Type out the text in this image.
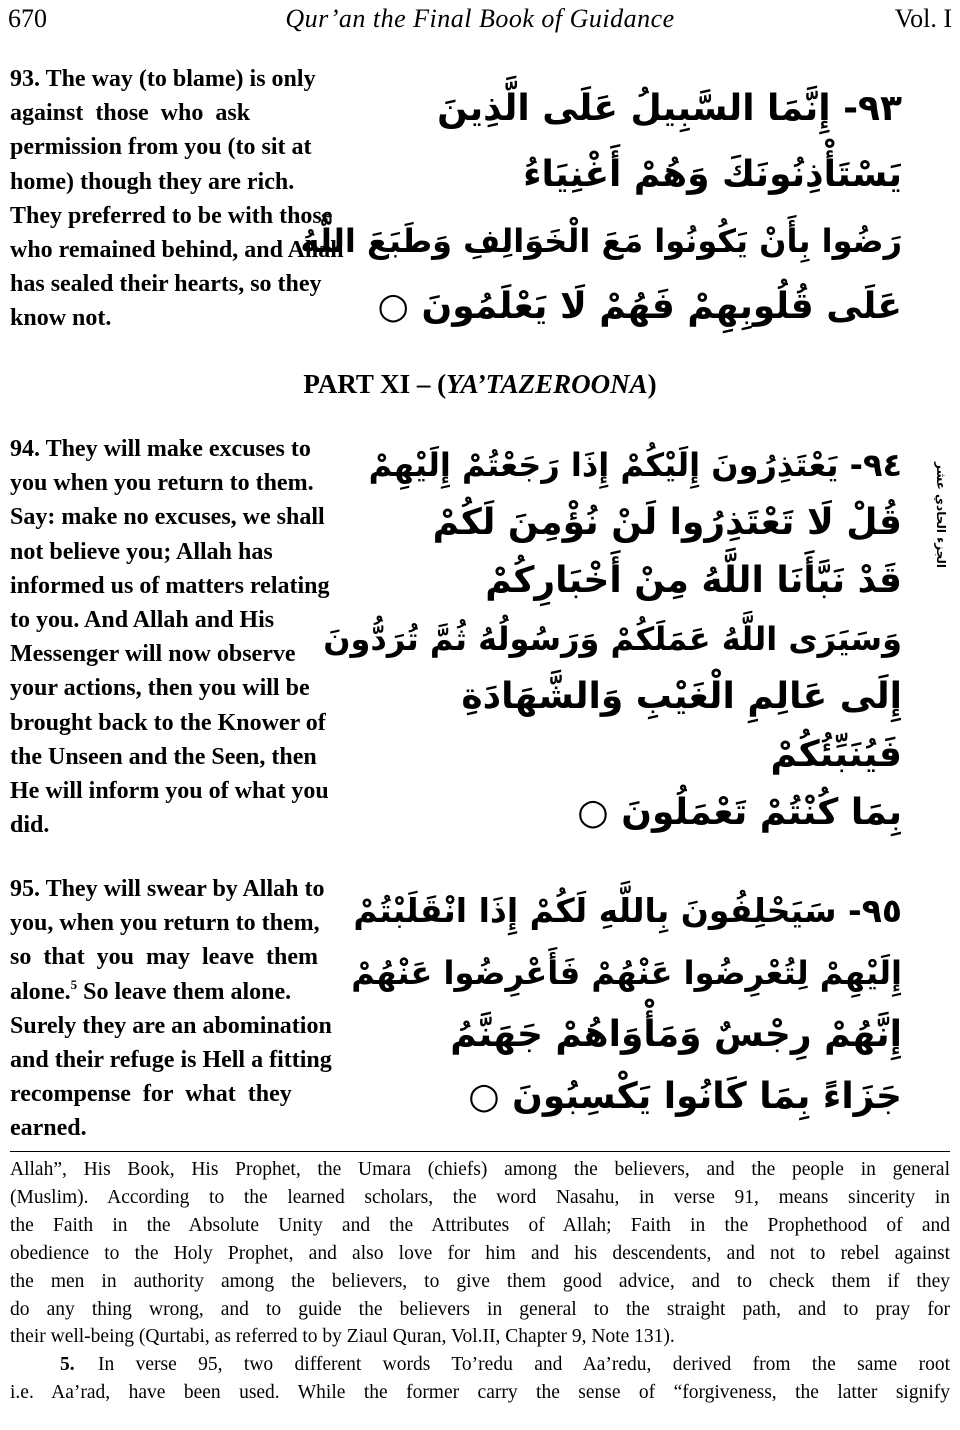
670	Qur’an the Final Book of Guidance	Vol. I
93. The way (to blame) is only
against  those  who  ask
permission from you (to sit at
home) though they are rich.
They preferred to be with those
who remained behind, and Allah
has sealed their hearts, so they
know not.
٩٣- إِنَّمَا السَّبِيلُ عَلَى الَّذِينَ
يَسْتَأْذِنُونَكَ وَهُمْ أَغْنِيَاءُ
رَضُوا بِأَنْ يَكُونُوا مَعَ الْخَوَالِفِ وَطَبَعَ اللَّهُ
عَلَى قُلُوبِهِمْ فَهُمْ لَا يَعْلَمُونَ ○
PART XI – (YA’TAZEROONA)
94. They will make excuses to
you when you return to them.
Say: make no excuses, we shall
not believe you; Allah has
informed us of matters relating
to you. And Allah and His
Messenger will now observe
your actions, then you will be
brought back to the Knower of
the Unseen and the Seen, then
He will inform you of what you
did.
٩٤- يَعْتَذِرُونَ إِلَيْكُمْ إِذَا رَجَعْتُمْ إِلَيْهِمْ
قُلْ لَا تَعْتَذِرُوا لَنْ نُؤْمِنَ لَكُمْ
قَدْ نَبَّأَنَا اللَّهُ مِنْ أَخْبَارِكُمْ
وَسَيَرَى اللَّهُ عَمَلَكُمْ وَرَسُولُهُ ثُمَّ تُرَدُّونَ
إِلَى عَالِمِ الْغَيْبِ وَالشَّهَادَةِ
فَيُنَبِّئُكُمْ
بِمَا كُنْتُمْ تَعْمَلُونَ ○
الجزء الحادي عشر
95. They will swear by Allah to
you, when you return to them,
so  that  you  may  leave  them
alone.$^5$ So leave them alone.
Surely they are an abomination
and their refuge is Hell a fitting
recompense  for  what  they
earned.
٩٥- سَيَحْلِفُونَ بِاللَّهِ لَكُمْ إِذَا انْقَلَبْتُمْ
إِلَيْهِمْ لِتُعْرِضُوا عَنْهُمْ فَأَعْرِضُوا عَنْهُمْ
إِنَّهُمْ رِجْسٌ وَمَأْوَاهُمْ جَهَنَّمُ
جَزَاءً بِمَا كَانُوا يَكْسِبُونَ ○
Allah”, His Book, His Prophet, the Umara (chiefs) among the believers, and the people in general
(Muslim). According to the learned scholars, the word Nasahu, in verse 91, means sincerity in
the Faith in the Absolute Unity and the Attributes of Allah; Faith in the Prophethood of and
obedience to the Holy Prophet, and also love for him and his descendents, and not to rebel against
the men in authority among the believers, to give them good advice, and to check them if they
do any thing wrong, and to guide the believers in general to the straight path, and to pray for
their well-being (Qurtabi, as referred to by Ziaul Quran, Vol.II, Chapter 9, Note 131).
5. In verse 95, two different words To’redu and Aa’redu, derived from the same root
i.e. Aa’rad, have been used. While the former carry the sense of “forgiveness, the latter signify
